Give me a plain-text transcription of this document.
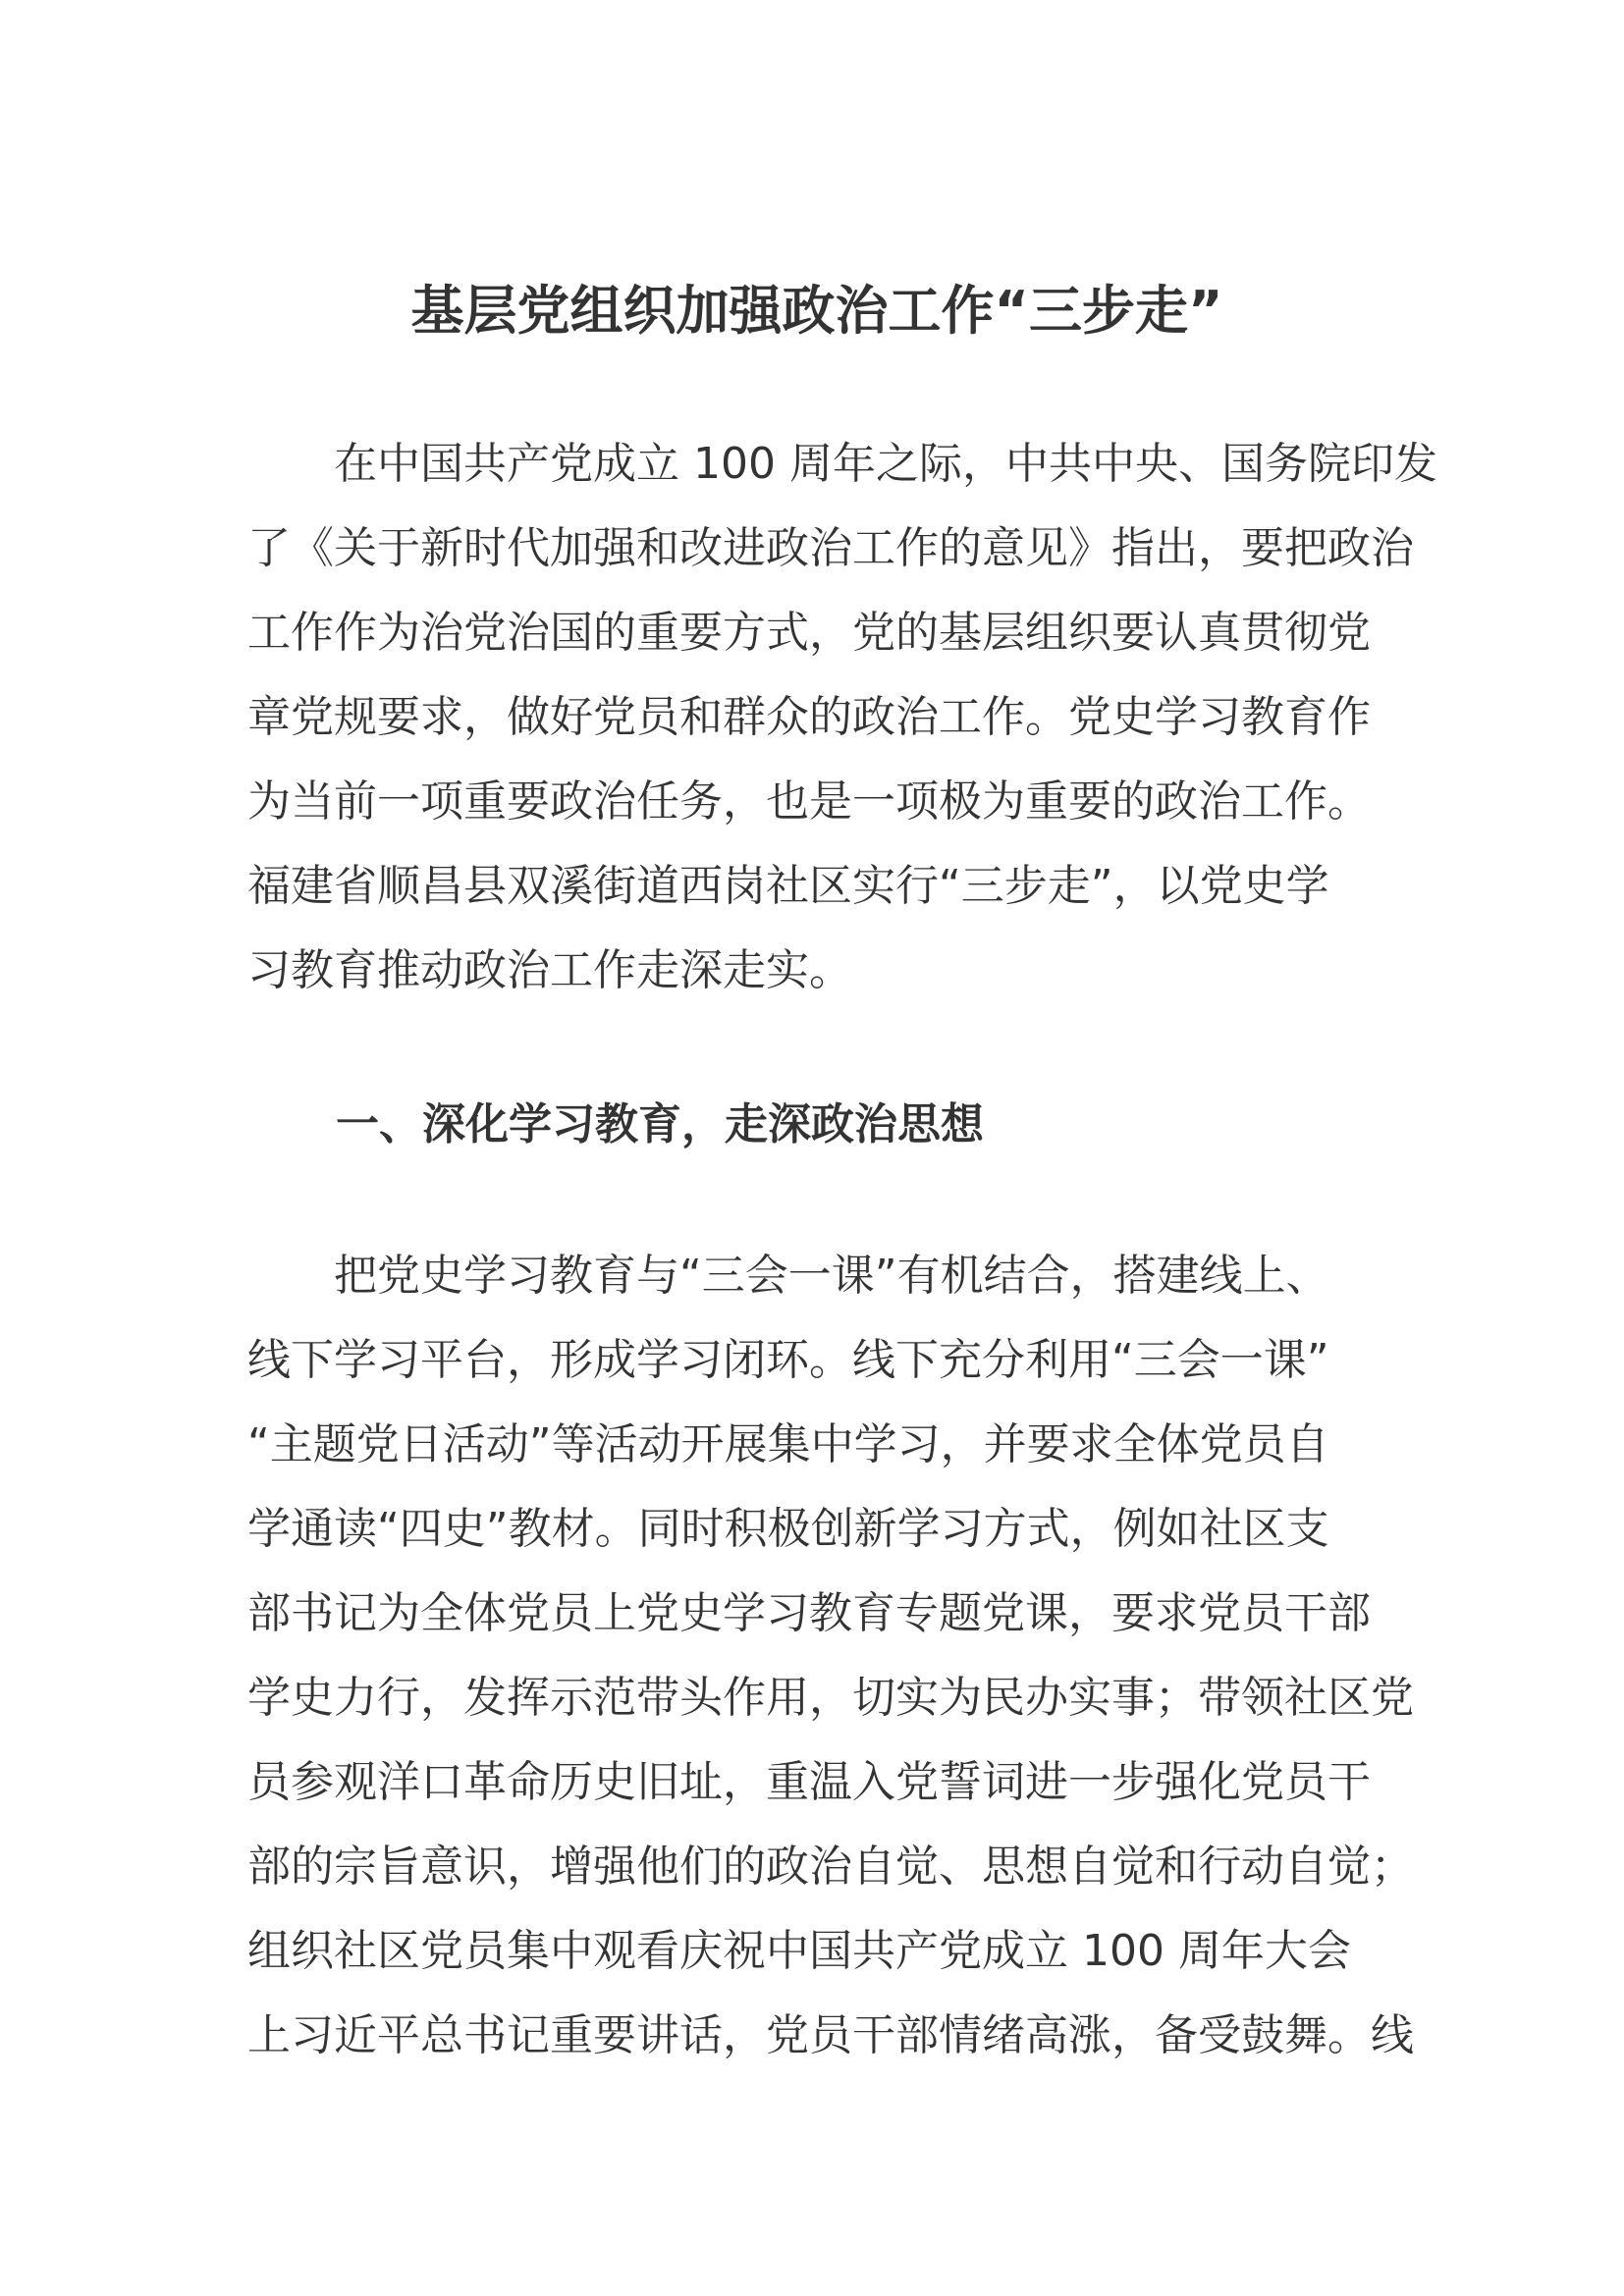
基层党组织加强政治工作“三步走”
　　在中国共产党成立 100 周年之际，中共中央、国务院印发
了《关于新时代加强和改进政治工作的意见》指出，要把政治
工作作为治党治国的重要方式，党的基层组织要认真贯彻党
章党规要求，做好党员和群众的政治工作。党史学习教育作
为当前一项重要政治任务，也是一项极为重要的政治工作。
福建省顺昌县双溪街道西岗社区实行“三步走”，以党史学
习教育推动政治工作走深走实。
一、深化学习教育，走深政治思想
　　把党史学习教育与“三会一课”有机结合，搭建线上、
线下学习平台，形成学习闭环。线下充分利用“三会一课”
“主题党日活动”等活动开展集中学习，并要求全体党员自
学通读“四史”教材。同时积极创新学习方式，例如社区支
部书记为全体党员上党史学习教育专题党课，要求党员干部
学史力行，发挥示范带头作用，切实为民办实事；带领社区党
员参观洋口革命历史旧址，重温入党誓词进一步强化党员干
部的宗旨意识，增强他们的政治自觉、思想自觉和行动自觉；
组织社区党员集中观看庆祝中国共产党成立 100 周年大会
上习近平总书记重要讲话，党员干部情绪高涨，备受鼓舞。线
